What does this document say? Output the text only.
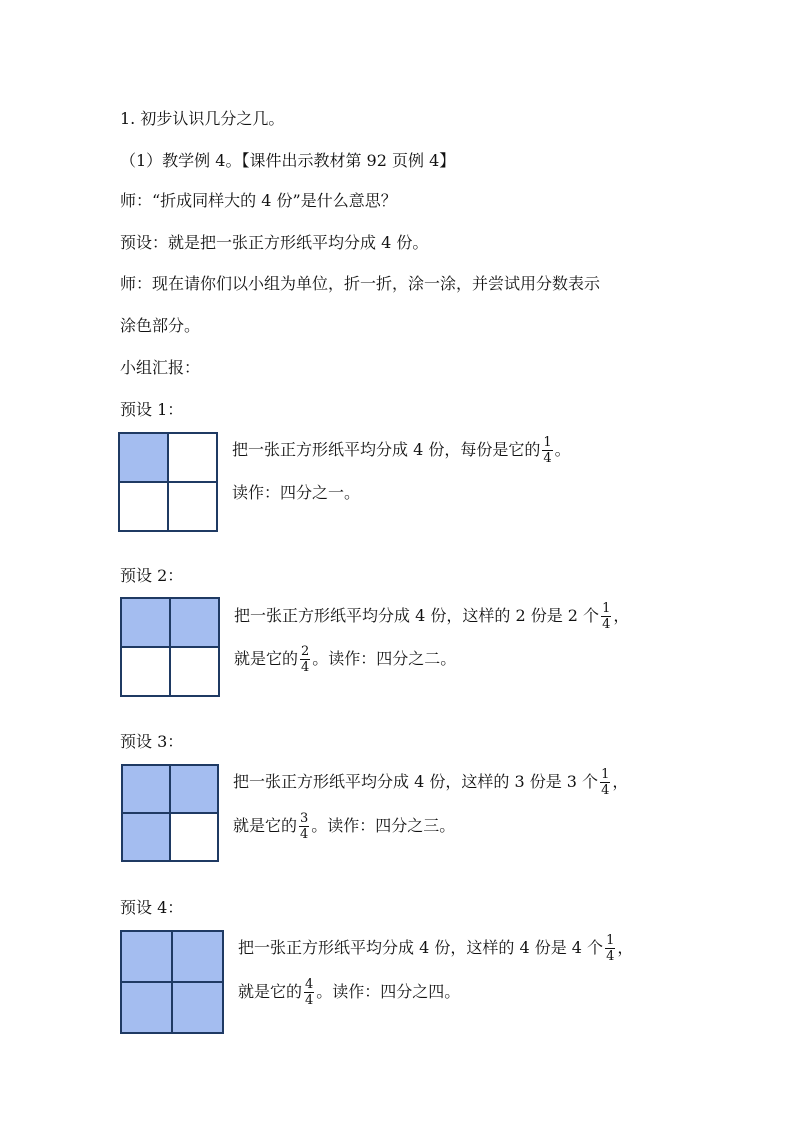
1. 初步认识几分之几。
（1）教学例 4。【课件出示教材第 92 页例 4】
师：“折成同样大的 4 份”是什么意思？
预设：就是把一张正方形纸平均分成 4 份。
师：现在请你们以小组为单位，折一折，涂一涂，并尝试用分数表示
涂色部分。
小组汇报：
预设 1：
把一张正方形纸平均分成 4 份，每份是它的 $\frac{1}{4}$ 。
读作：四分之一。
预设 2：
把一张正方形纸平均分成 4 份，这样的 2 份是 2 个 $\frac{1}{4}$ ，
就是它的 $\frac{2}{4}$ 。读作：四分之二。
预设 3：
把一张正方形纸平均分成 4 份，这样的 3 份是 3 个 $\frac{1}{4}$ ，
就是它的 $\frac{3}{4}$ 。读作：四分之三。
预设 4：
把一张正方形纸平均分成 4 份，这样的 4 份是 4 个 $\frac{1}{4}$ ，
就是它的 $\frac{4}{4}$ 。读作：四分之四。
